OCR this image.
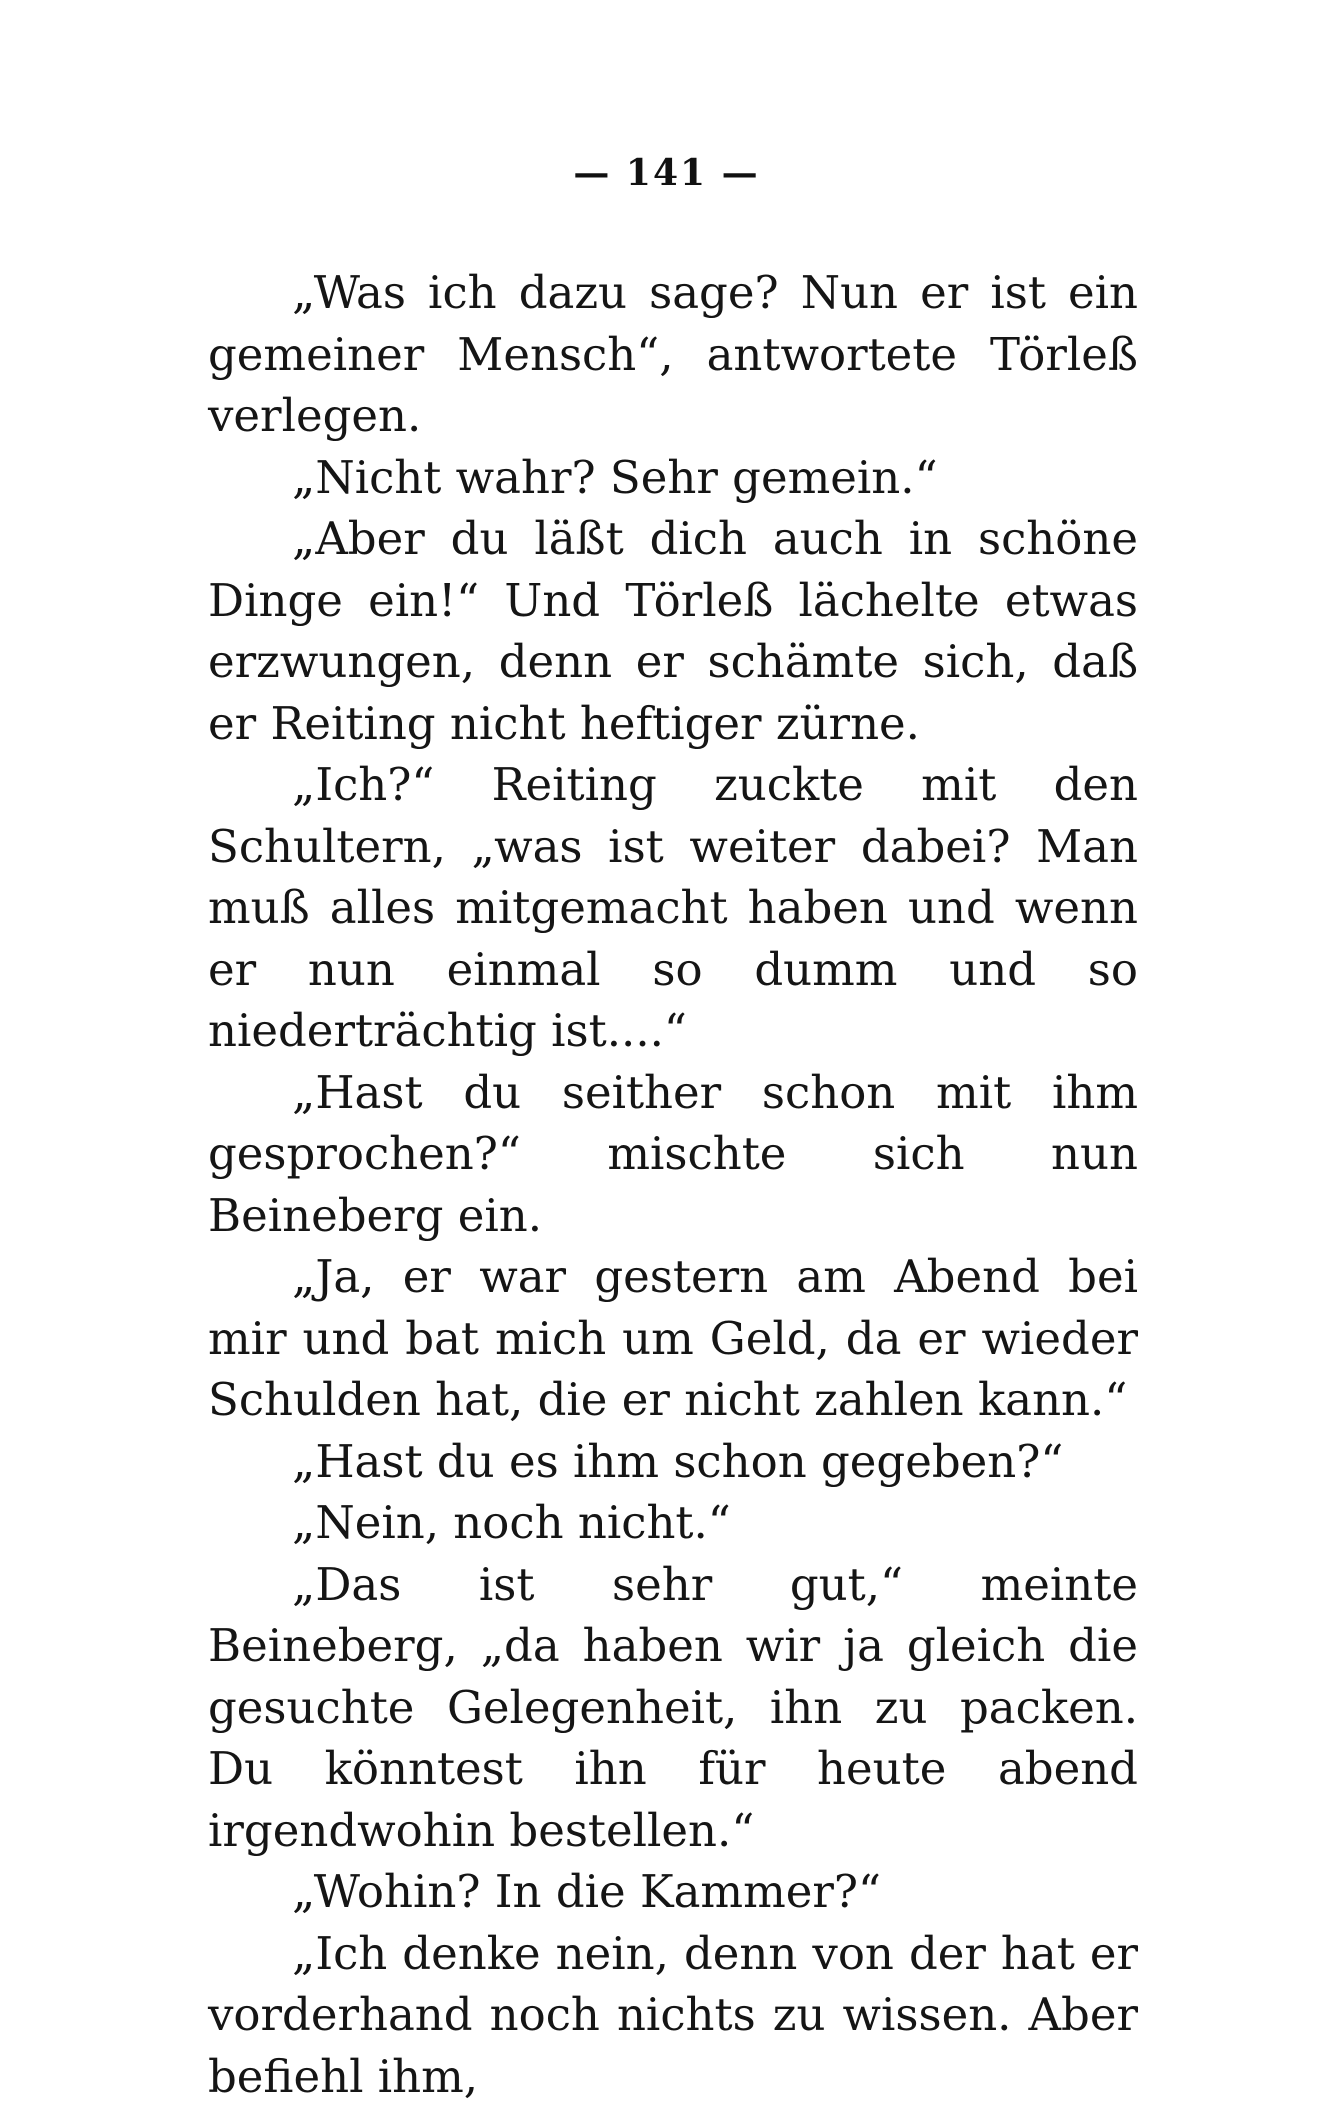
— 141 —

„Was ich dazu sage? Nun er ist ein gemeiner Mensch“, antwortete Törleß verlegen.

„Nicht wahr? Sehr gemein.“

„Aber du läßt dich auch in schöne Dinge ein!“ Und Törleß lächelte etwas erzwungen, denn er schämte sich, daß er Reiting nicht heftiger zürne.

„Ich?“ Reiting zuckte mit den Schultern, „was ist weiter dabei? Man muß alles mitgemacht haben und wenn er nun einmal so dumm und so niederträchtig ist....“

„Hast du seither schon mit ihm gesprochen?“ mischte sich nun Beineberg ein.

„Ja, er war gestern am Abend bei mir und bat mich um Geld, da er wieder Schulden hat, die er nicht zahlen kann.“

„Hast du es ihm schon gegeben?“

„Nein, noch nicht.“

„Das ist sehr gut,“ meinte Beineberg, „da haben wir ja gleich die gesuchte Gelegenheit, ihn zu packen. Du könntest ihn für heute abend irgendwohin bestellen.“

„Wohin? In die Kammer?“

„Ich denke nein, denn von der hat er vorderhand noch nichts zu wissen. Aber befiehl ihm,
